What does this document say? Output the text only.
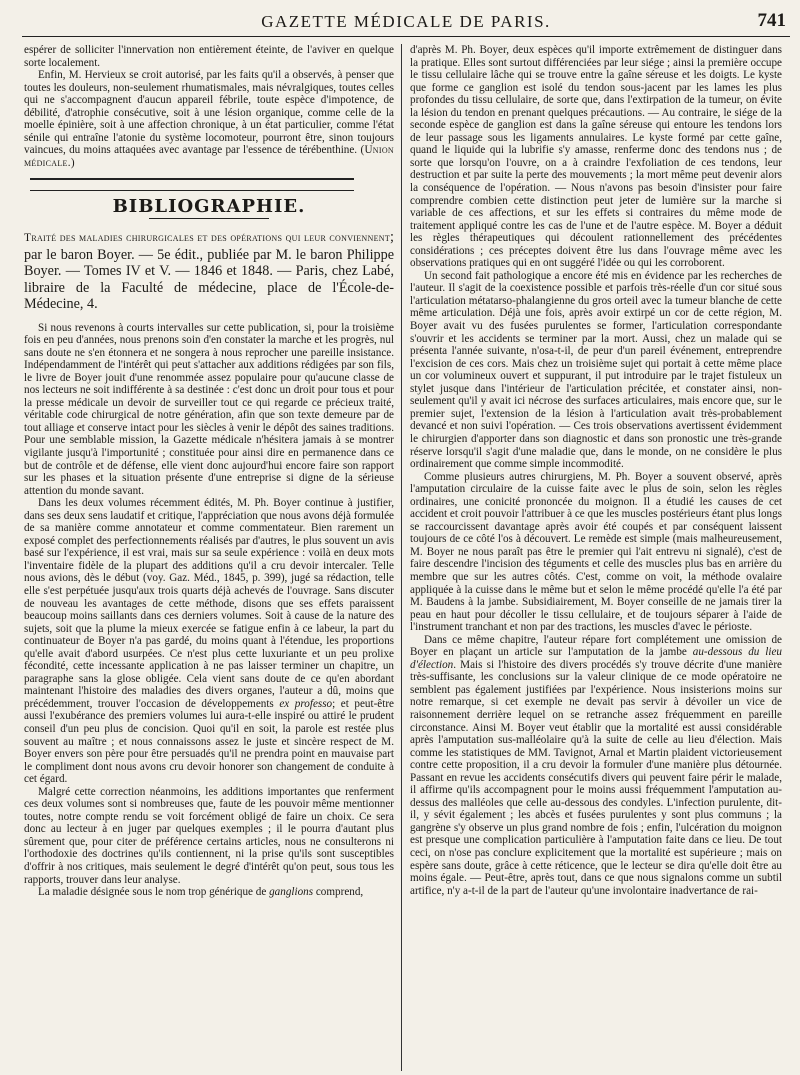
GAZETTE MÉDICALE DE PARIS.	741

espérer de solliciter l'innervation non entièrement éteinte, de l'aviver en quelque sorte localement.

Enfin, M. Hervieux se croit autorisé, par les faits qu'il a observés, à penser que toutes les douleurs, non-seulement rhumatismales, mais névralgiques, toutes celles qui ne s'accompagnent d'aucun appareil fébrile, toute espèce d'impotence, de débilité, d'atrophie consécutive, soit à une lésion organique, comme celle de la moelle épinière, soit à une affection chronique, à un état particulier, comme l'état sénile qui entraîne l'atonie du système locomoteur, pourront être, sinon toujours vaincues, du moins attaquées avec avantage par l'essence de térébenthine. (Union médicale.)

BIBLIOGRAPHIE.
Traité des maladies chirurgicales et des opérations qui leur conviennent; par le baron Boyer. — 5e édit., publiée par M. le baron Philippe Boyer. — Tomes IV et V. — 1846 et 1848. — Paris, chez Labé, libraire de la Faculté de médecine, place de l'École-de-Médecine, 4.

Si nous revenons à courts intervalles sur cette publication, si, pour la troisième fois en peu d'années, nous prenons soin d'en constater la marche et les progrès, nul sans doute ne s'en étonnera et ne songera à nous reprocher une pareille insistance. Indépendamment de l'intérêt qui peut s'attacher aux additions rédigées par son fils, le livre de Boyer jouit d'une renommée assez populaire pour qu'aucune classe de nos lecteurs ne soit indifférente à sa destinée : c'est donc un droit pour tous et pour la presse médicale un devoir de surveiller tout ce qui regarde ce précieux traité, véritable code chirurgical de notre génération, afin que son texte demeure par de tout alliage et conserve intact pour les siècles à venir le dépôt des saines traditions. Pour une semblable mission, la Gazette médicale n'hésitera jamais à se montrer vigilante jusqu'à l'importunité ; constituée pour ainsi dire en permanence dans ce but de contrôle et de défense, elle vient donc aujourd'hui encore faire son rapport sur les phases et la situation présente d'une entreprise si digne de la sérieuse attention du monde savant.

Dans les deux volumes récemment édités, M. Ph. Boyer continue à justifier, dans ses deux sens laudatif et critique, l'appréciation que nous avons déjà formulée de sa manière comme annotateur et comme commentateur. Bien rarement un exposé complet des perfectionnements réalisés par d'autres, le plus souvent un avis basé sur l'expérience, il est vrai, mais sur sa seule expérience : voilà en deux mots l'inventaire fidèle de la plupart des additions qu'il a cru devoir intercaler. Telle nous avions, dès le début (voy. Gaz. Méd., 1845, p. 399), jugé sa rédaction, telle elle s'est perpétuée jusqu'aux trois quarts déjà achevés de l'ouvrage. Sans discuter de nouveau les avantages de cette méthode, disons que ses effets paraissent beaucoup moins saillants dans ces derniers volumes. Soit à cause de la nature des sujets, soit que la plume la mieux exercée se fatigue enfin à ce labeur, la part du continuateur de Boyer n'a pas gardé, du moins quant à l'étendue, les proportions qu'elle avait d'abord usurpées. Ce n'est plus cette luxuriante et un peu prolixe fécondité, cette incessante application à ne pas laisser terminer un chapitre, un paragraphe sans la glose obligée. Cela vient sans doute de ce qu'en abordant maintenant l'histoire des maladies des divers organes, l'auteur a dû, moins que précédemment, trouver l'occasion de développements ex professo; et peut-être aussi l'exubérance des premiers volumes lui aura-t-elle inspiré ou attiré le prudent conseil d'un peu plus de concision. Quoi qu'il en soit, la parole est restée plus souvent au maître ; et nous connaissons assez le juste et sincère respect de M. Boyer envers son père pour être persuadés qu'il ne prendra point en mauvaise part le compliment dont nous avons cru devoir honorer son changement de conduite à cet égard.

Malgré cette correction néanmoins, les additions importantes que renferment ces deux volumes sont si nombreuses que, faute de les pouvoir même mentionner toutes, notre compte rendu se voit forcément obligé de faire un choix. Ce sera donc au lecteur à en juger par quelques exemples ; il le pourra d'autant plus sûrement que, pour citer de préférence certains articles, nous ne consulterons ni l'orthodoxie des doctrines qu'ils contiennent, ni la prise qu'ils sont susceptibles d'offrir à nos critiques, mais seulement le degré d'intérêt qu'on peut, sous tous les rapports, trouver dans leur analyse.

La maladie désignée sous le nom trop générique de ganglions comprend,

d'après M. Ph. Boyer, deux espèces qu'il importe extrêmement de distinguer dans la pratique. Elles sont surtout différenciées par leur siége ; ainsi la première occupe le tissu cellulaire lâche qui se trouve entre la gaîne séreuse et les doigts. Le kyste que forme ce ganglion est isolé du tendon sous-jacent par les lames les plus profondes du tissu cellulaire, de sorte que, dans l'extirpation de la tumeur, on évite la lésion du tendon en prenant quelques précautions. — Au contraire, le siége de la seconde espèce de ganglion est dans la gaîne séreuse qui entoure les tendons lors de leur passage sous les ligaments annulaires. Le kyste formé par cette gaîne, quand le liquide qui la lubrifie s'y amasse, renferme donc des tendons nus ; de sorte que lorsqu'on l'ouvre, on a à craindre l'exfoliation de ces tendons, leur destruction et par suite la perte des mouvements ; la mort même peut devenir alors la conséquence de l'opération. — Nous n'avons pas besoin d'insister pour faire comprendre combien cette distinction peut jeter de lumière sur la marche si variable de ces affections, et sur les effets si contraires du même mode de traitement appliqué contre les cas de l'une et de l'autre espèce. M. Boyer a déduit les règles thérapeutiques qui découlent rationnellement des précédentes considérations ; ces préceptes doivent être lus dans l'ouvrage même avec les observations pratiques qui en ont suggéré l'idée ou qui les corroborent.

Un second fait pathologique a encore été mis en évidence par les recherches de l'auteur. Il s'agit de la coexistence possible et parfois très-réelle d'un cor situé sous l'articulation métatarso-phalangienne du gros orteil avec la tumeur blanche de cette même articulation. Déjà une fois, après avoir extirpé un cor de cette région, M. Boyer avait vu des fusées purulentes se former, l'articulation correspondante s'ouvrir et les accidents se terminer par la mort. Aussi, chez un malade qui se présenta l'année suivante, n'osa-t-il, de peur d'un pareil événement, entreprendre l'excision de ces cors. Mais chez un troisième sujet qui portait à cette même place un cor volumineux ouvert et suppurant, il put introduire par le trajet fistuleux un stylet jusque dans l'intérieur de l'articulation précitée, et constater ainsi, non-seulement qu'il y avait ici nécrose des surfaces articulaires, mais encore que, sur le premier sujet, l'extension de la lésion à l'articulation avait très-probablement devancé et non suivi l'opération. — Ces trois observations avertissent évidemment le chirurgien d'apporter dans son diagnostic et dans son pronostic une très-grande réserve lorsqu'il s'agit d'une maladie que, dans le monde, on ne considère le plus ordinairement que comme simple incommodité.

Comme plusieurs autres chirurgiens, M. Ph. Boyer a souvent observé, après l'amputation circulaire de la cuisse faite avec le plus de soin, selon les règles ordinaires, une conicité prononcée du moignon. Il a étudié les causes de cet accident et croit pouvoir l'attribuer à ce que les muscles postérieurs étant plus longs se raccourcissent davantage après avoir été coupés et par conséquent laissent toujours de ce côté l'os à découvert. Le remède est simple (mais malheureusement, M. Boyer ne nous paraît pas être le premier qui l'ait entrevu ni signalé), c'est de faire descendre l'incision des téguments et celle des muscles plus bas en arrière du membre que sur les autres côtés. C'est, comme on voit, la méthode ovalaire appliquée à la cuisse dans le même but et selon le même procédé qu'elle l'a été par M. Baudens à la jambe. Subsidiairement, M. Boyer conseille de ne jamais tirer la peau en haut pour décoller le tissu cellulaire, et de toujours séparer à l'aide de l'instrument tranchant et non par des tractions, les muscles d'avec le périoste.

Dans ce même chapitre, l'auteur répare fort complétement une omission de Boyer en plaçant un article sur l'amputation de la jambe au-dessous du lieu d'élection. Mais si l'histoire des divers procédés s'y trouve décrite d'une manière très-suffisante, les conclusions sur la valeur clinique de ce mode opératoire ne semblent pas également justifiées par l'expérience. Nous insisterions moins sur notre remarque, si cet exemple ne devait pas servir à dévoiler un vice de raisonnement derrière lequel on se retranche assez fréquemment en pareille circonstance. Ainsi M. Boyer veut établir que la mortalité est aussi considérable après l'amputation sus-malléolaire qu'à la suite de celle au lieu d'élection. Mais comme les statistiques de MM. Tavignot, Arnal et Martin plaident victorieusement contre cette proposition, il a cru devoir la formuler d'une manière plus détournée. Passant en revue les accidents consécutifs divers qui peuvent faire périr le malade, il affirme qu'ils accompagnent pour le moins aussi fréquemment l'amputation au-dessus des malléoles que celle au-dessous des condyles. L'infection purulente, dit-il, y sévit également ; les abcès et fusées purulentes y sont plus communs ; la gangrène s'y observe un plus grand nombre de fois ; enfin, l'ulcération du moignon est presque une complication particulière à l'amputation faite dans ce lieu. De tout ceci, on n'ose pas conclure explicitement que la mortalité est supérieure ; mais on espère sans doute, grâce à cette réticence, que le lecteur se dira qu'elle doit être au moins égale. — Peut-être, après tout, dans ce que nous signalons comme un subtil artifice, n'y a-t-il de la part de l'auteur qu'une involontaire inadvertance de rai-
